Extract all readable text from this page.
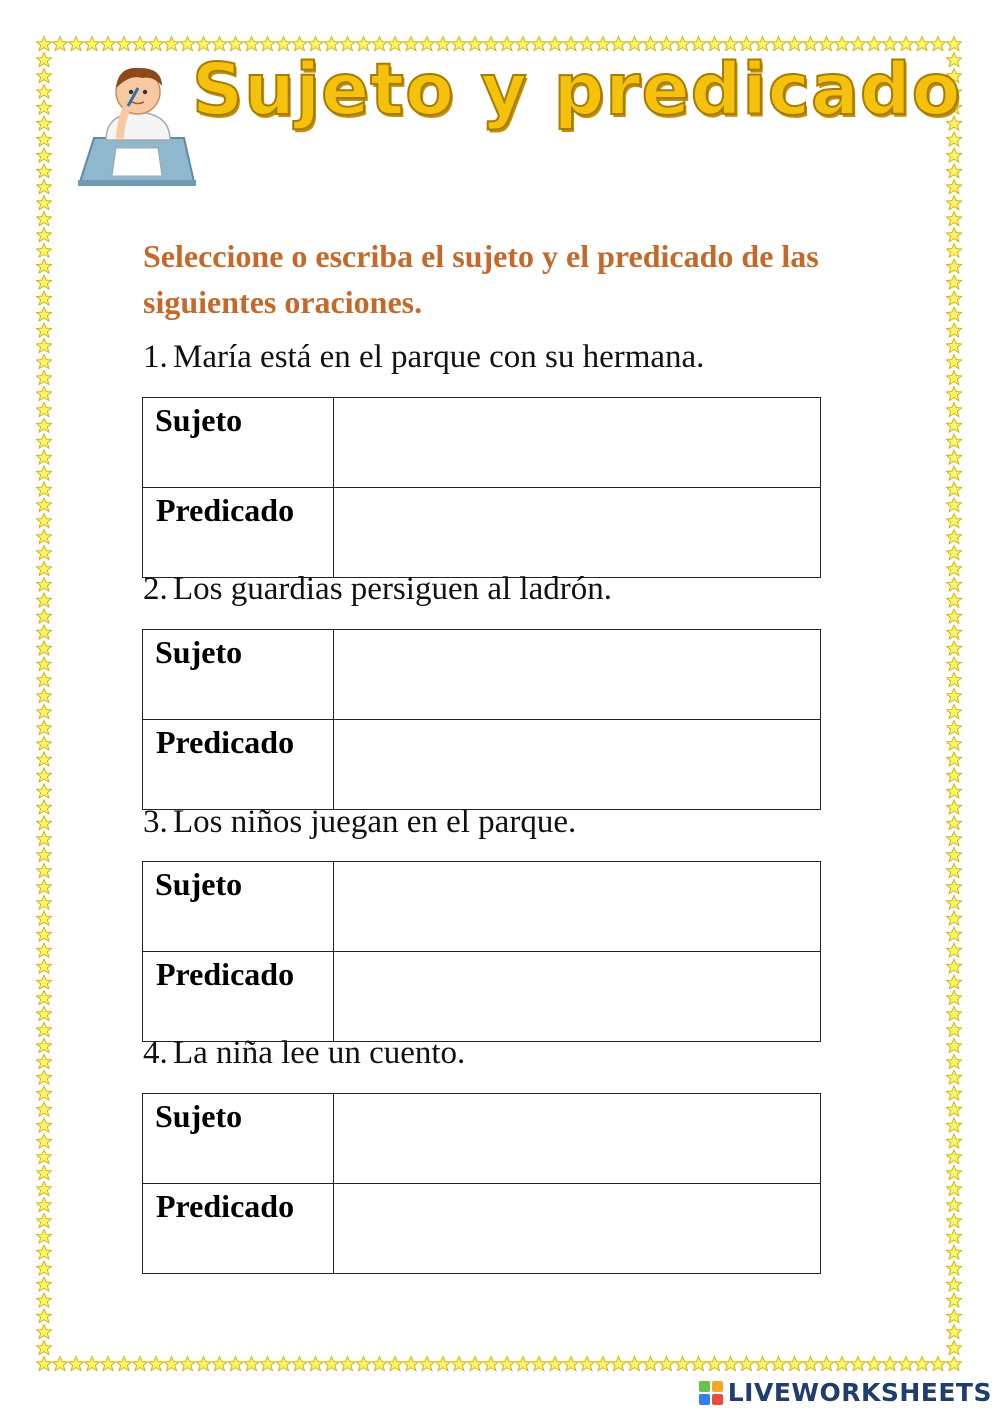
Sujeto y predicado

Seleccione o escriba el sujeto y el predicado de las siguientes oraciones.

1. María está en el parque con su hermana.

Sujeto	
Predicado	

2. Los guardias persiguen al ladrón.

Sujeto	
Predicado	

3. Los niños juegan en el parque.

Sujeto	
Predicado	

4. La niña lee un cuento.

Sujeto	
Predicado	
LIVEWORKSHEETS
